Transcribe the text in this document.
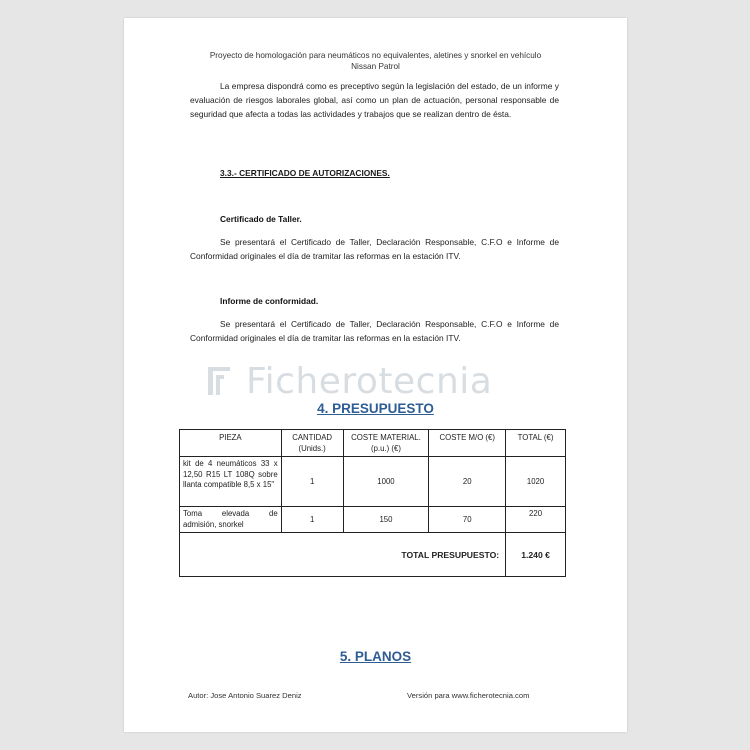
Proyecto de homologación para neumáticos no equivalentes, aletines y snorkel en vehículo
Nissan Patrol
La empresa dispondrá como es preceptivo según la legislación del estado, de un informe y evaluación de riesgos laborales global, así como un plan de actuación, personal responsable de seguridad que afecta a todas las actividades y trabajos que se realizan dentro de ésta.
3.3.- CERTIFICADO DE AUTORIZACIONES.
Certificado de Taller.
Se presentará el Certificado de Taller, Declaración Responsable, C.F.O e Informe de Conformidad originales el día de tramitar las reformas en la estación ITV.
Informe de conformidad.
Se presentará el Certificado de Taller, Declaración Responsable, C.F.O e Informe de Conformidad originales el día de tramitar las reformas en la estación ITV.
Ficherotecnia
4. PRESUPUESTO
PIEZA	CANTIDAD (Unids.)	COSTE MATERIAL.(p.u.) (€)	COSTE M/O (€)	TOTAL (€)
kit de 4 neumáticos 33 x 12,50 R15 LT 108Q sobre llanta compatible 8,5 x 15"	1	1000	20	1020
Toma elevada de admisión, snorkel	1	150	70	220
TOTAL PRESUPUESTO:				1.240 €
5. PLANOS
Autor: Jose Antonio Suarez Deniz	Versión para www.ficherotecnia.com
